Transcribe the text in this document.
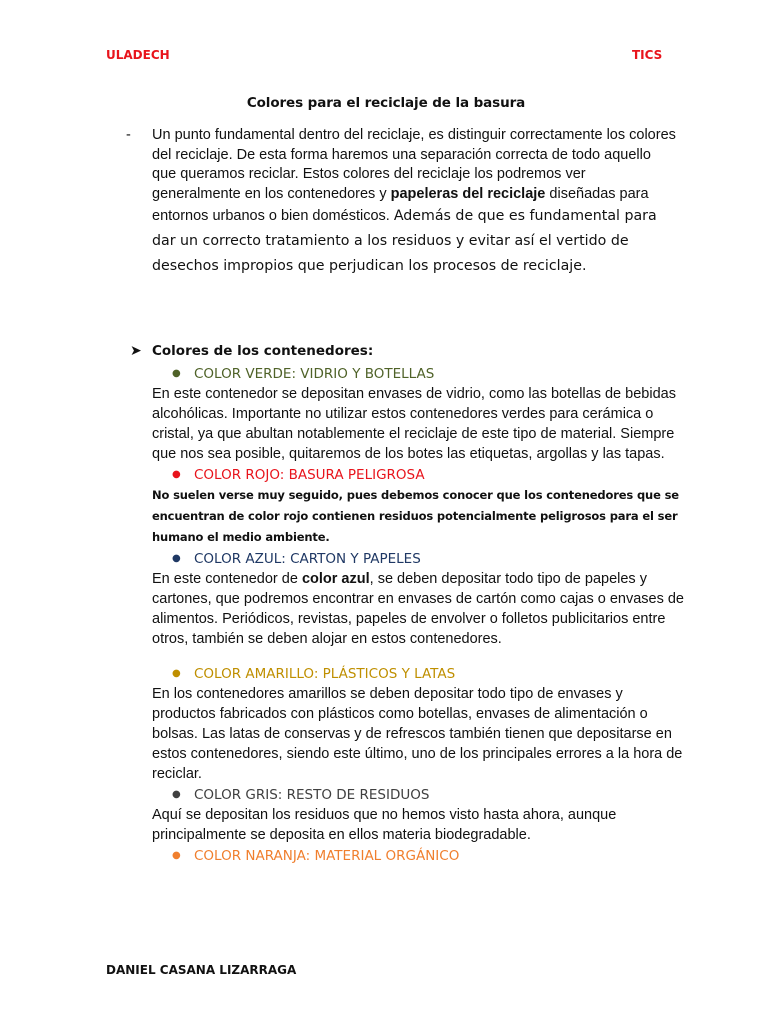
ULADECH	TICS
Colores para el reciclaje de la basura
- Un punto fundamental dentro del reciclaje, es distinguir correctamente los colores del reciclaje. De esta forma haremos una separación correcta de todo aquello que queramos reciclar. Estos colores del reciclaje los podremos ver generalmente en los contenedores y papeleras del reciclaje diseñadas para entornos urbanos o bien domésticos. Además de que es fundamental para dar un correcto tratamiento a los residuos y evitar así el vertido de desechos impropios que perjudican los procesos de reciclaje.
➤ Colores de los contenedores:
● COLOR VERDE: VIDRIO Y BOTELLAS
En este contenedor se depositan envases de vidrio, como las botellas de bebidas alcohólicas. Importante no utilizar estos contenedores verdes para cerámica o cristal, ya que abultan notablemente el reciclaje de este tipo de material. Siempre que nos sea posible, quitaremos de los botes las etiquetas, argollas y las tapas.
● COLOR ROJO: BASURA PELIGROSA
No suelen verse muy seguido, pues debemos conocer que los contenedores que se encuentran de color rojo contienen residuos potencialmente peligrosos para el ser humano el medio ambiente.
● COLOR AZUL: CARTON Y PAPELES
En este contenedor de color azul, se deben depositar todo tipo de papeles y cartones, que podremos encontrar en envases de cartón como cajas o envases de alimentos. Periódicos, revistas, papeles de envolver o folletos publicitarios entre otros, también se deben alojar en estos contenedores.
● COLOR AMARILLO: PLÁSTICOS Y LATAS
En los contenedores amarillos se deben depositar todo tipo de envases y productos fabricados con plásticos como botellas, envases de alimentación o bolsas. Las latas de conservas y de refrescos también tienen que depositarse en estos contenedores, siendo este último, uno de los principales errores a la hora de reciclar.
● COLOR GRIS: RESTO DE RESIDUOS
Aquí se depositan los residuos que no hemos visto hasta ahora, aunque principalmente se deposita en ellos materia biodegradable.
● COLOR NARANJA: MATERIAL ORGÁNICO
DANIEL CASANA LIZARRAGA
